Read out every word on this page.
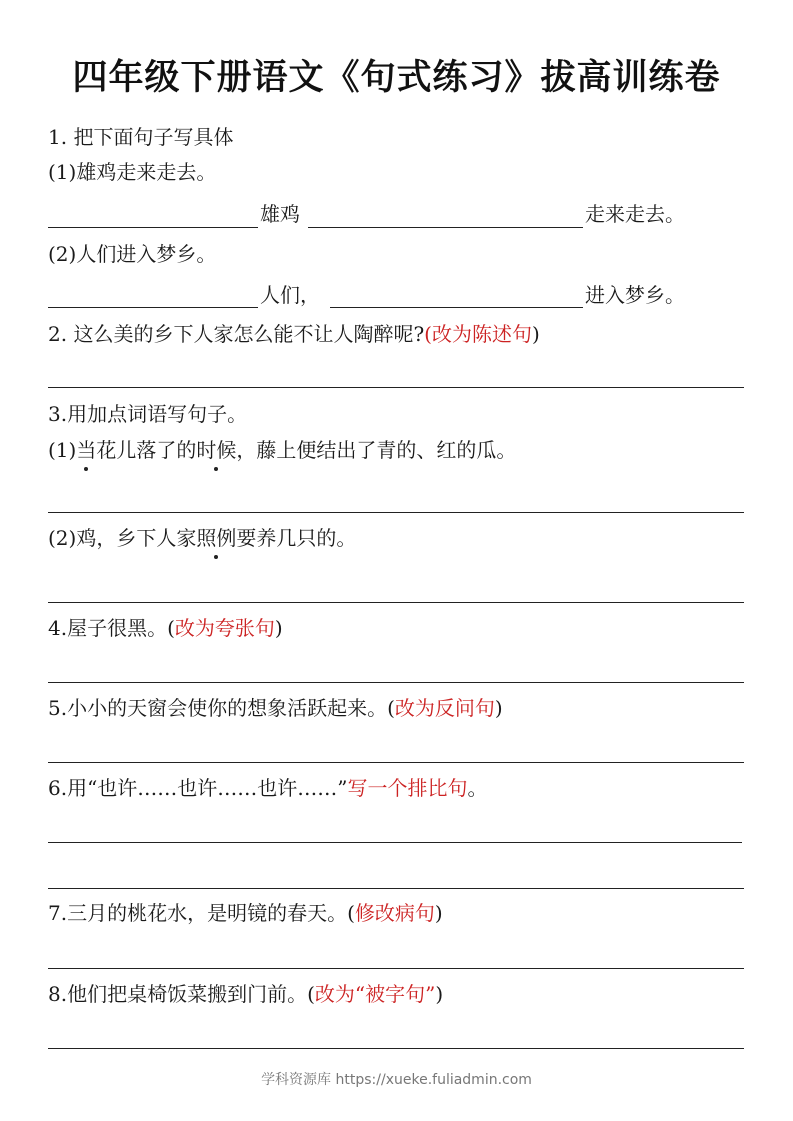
四年级下册语文《句式练习》拔高训练卷
1. 把下面句子写具体
(1)雄鸡走来走去。
雄鸡	走来走去。
(2)人们进入梦乡。
人们，	进入梦乡。
2. 这么美的乡下人家怎么能不让人陶醉呢?(改为陈述句)
3.用加点词语写句子。
(1)当花儿落了的时候，藤上便结出了青的、红的瓜。
(2)鸡，乡下人家照例要养几只的。
4.屋子很黑。(改为夸张句)
5.小小的天窗会使你的想象活跃起来。(改为反问句)
6.用“也许……也许……也许……”写一个排比句。
7.三月的桃花水，是明镜的春天。(修改病句)
8.他们把桌椅饭菜搬到门前。(改为“被字句”)
学科资源库 https://xueke.fuliadmin.com
